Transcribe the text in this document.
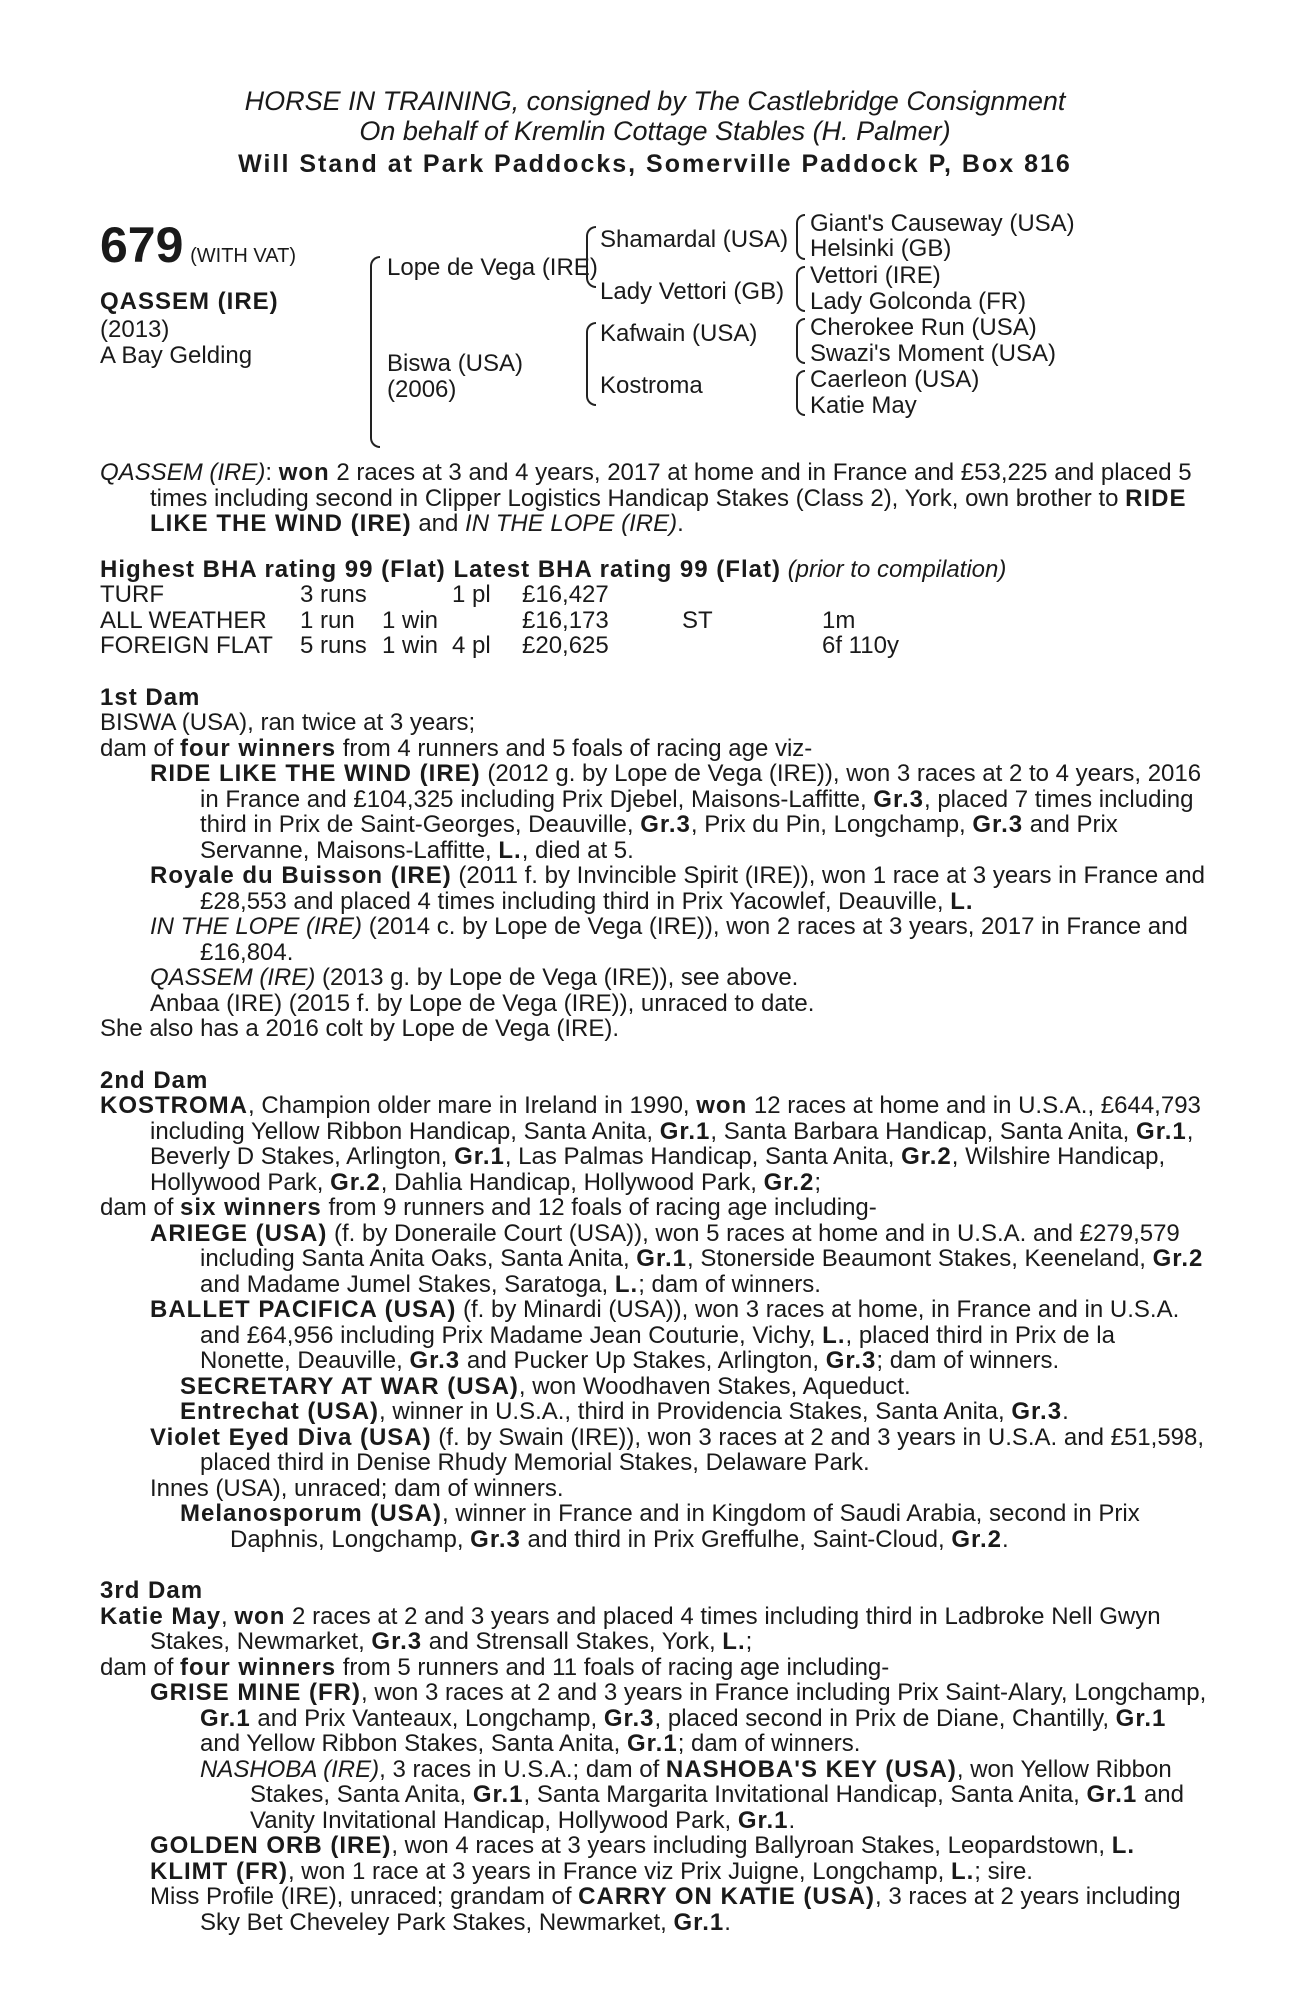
HORSE IN TRAINING, consigned by The Castlebridge Consignment
On behalf of Kremlin Cottage Stables (H. Palmer)
Will Stand at Park Paddocks, Somerville Paddock P, Box 816
679 (WITH VAT)
QASSEM (IRE)
(2013)
A Bay Gelding
Lope de Vega (IRE)
Biswa (USA)
(2006)
Shamardal (USA)
Lady Vettori (GB)
Kafwain (USA)
Kostroma
Giant's Causeway (USA)
Helsinki (GB)
Vettori (IRE)
Lady Golconda (FR)
Cherokee Run (USA)
Swazi's Moment (USA)
Caerleon (USA)
Katie May

QASSEM (IRE): won 2 races at 3 and 4 years, 2017 at home and in France and £53,225 and placed 5 times including second in Clipper Logistics Handicap Stakes (Class 2), York, own brother to RIDE LIKE THE WIND (IRE) and IN THE LOPE (IRE).

Highest BHA rating 99 (Flat) Latest BHA rating 99 (Flat) (prior to compilation)

TURF	3 runs		1 pl	£16,427		
ALL WEATHER	1 run	1 win		£16,173	ST	1m
FOREIGN FLAT	5 runs	1 win	4 pl	£20,625		6f 110y

1st Dam

BISWA (USA), ran twice at 3 years;

dam of four winners from 4 runners and 5 foals of racing age viz-

RIDE LIKE THE WIND (IRE) (2012 g. by Lope de Vega (IRE)), won 3 races at 2 to 4 years, 2016 in France and £104,325 including Prix Djebel, Maisons-Laffitte, Gr.3, placed 7 times including third in Prix de Saint-Georges, Deauville, Gr.3, Prix du Pin, Longchamp, Gr.3 and Prix Servanne, Maisons-Laffitte, L., died at 5.

Royale du Buisson (IRE) (2011 f. by Invincible Spirit (IRE)), won 1 race at 3 years in France and £28,553 and placed 4 times including third in Prix Yacowlef, Deauville, L.

IN THE LOPE (IRE) (2014 c. by Lope de Vega (IRE)), won 2 races at 3 years, 2017 in France and £16,804.

QASSEM (IRE) (2013 g. by Lope de Vega (IRE)), see above.

Anbaa (IRE) (2015 f. by Lope de Vega (IRE)), unraced to date.

She also has a 2016 colt by Lope de Vega (IRE).

2nd Dam

KOSTROMA, Champion older mare in Ireland in 1990, won 12 races at home and in U.S.A., £644,793 including Yellow Ribbon Handicap, Santa Anita, Gr.1, Santa Barbara Handicap, Santa Anita, Gr.1, Beverly D Stakes, Arlington, Gr.1, Las Palmas Handicap, Santa Anita, Gr.2, Wilshire Handicap, Hollywood Park, Gr.2, Dahlia Handicap, Hollywood Park, Gr.2;

dam of six winners from 9 runners and 12 foals of racing age including-

ARIEGE (USA) (f. by Doneraile Court (USA)), won 5 races at home and in U.S.A. and £279,579 including Santa Anita Oaks, Santa Anita, Gr.1, Stonerside Beaumont Stakes, Keeneland, Gr.2 and Madame Jumel Stakes, Saratoga, L.; dam of winners.

BALLET PACIFICA (USA) (f. by Minardi (USA)), won 3 races at home, in France and in U.S.A. and £64,956 including Prix Madame Jean Couturie, Vichy, L., placed third in Prix de la Nonette, Deauville, Gr.3 and Pucker Up Stakes, Arlington, Gr.3; dam of winners.

SECRETARY AT WAR (USA), won Woodhaven Stakes, Aqueduct.

Entrechat (USA), winner in U.S.A., third in Providencia Stakes, Santa Anita, Gr.3.

Violet Eyed Diva (USA) (f. by Swain (IRE)), won 3 races at 2 and 3 years in U.S.A. and £51,598, placed third in Denise Rhudy Memorial Stakes, Delaware Park.

Innes (USA), unraced; dam of winners.

Melanosporum (USA), winner in France and in Kingdom of Saudi Arabia, second in Prix Daphnis, Longchamp, Gr.3 and third in Prix Greffulhe, Saint-Cloud, Gr.2.

3rd Dam

Katie May, won 2 races at 2 and 3 years and placed 4 times including third in Ladbroke Nell Gwyn Stakes, Newmarket, Gr.3 and Strensall Stakes, York, L.;

dam of four winners from 5 runners and 11 foals of racing age including-

GRISE MINE (FR), won 3 races at 2 and 3 years in France including Prix Saint-Alary, Longchamp, Gr.1 and Prix Vanteaux, Longchamp, Gr.3, placed second in Prix de Diane, Chantilly, Gr.1 and Yellow Ribbon Stakes, Santa Anita, Gr.1; dam of winners.

NASHOBA (IRE), 3 races in U.S.A.; dam of NASHOBA'S KEY (USA), won Yellow Ribbon Stakes, Santa Anita, Gr.1, Santa Margarita Invitational Handicap, Santa Anita, Gr.1 and Vanity Invitational Handicap, Hollywood Park, Gr.1.

GOLDEN ORB (IRE), won 4 races at 3 years including Ballyroan Stakes, Leopardstown, L.

KLIMT (FR), won 1 race at 3 years in France viz Prix Juigne, Longchamp, L.; sire.

Miss Profile (IRE), unraced; grandam of CARRY ON KATIE (USA), 3 races at 2 years including Sky Bet Cheveley Park Stakes, Newmarket, Gr.1.
